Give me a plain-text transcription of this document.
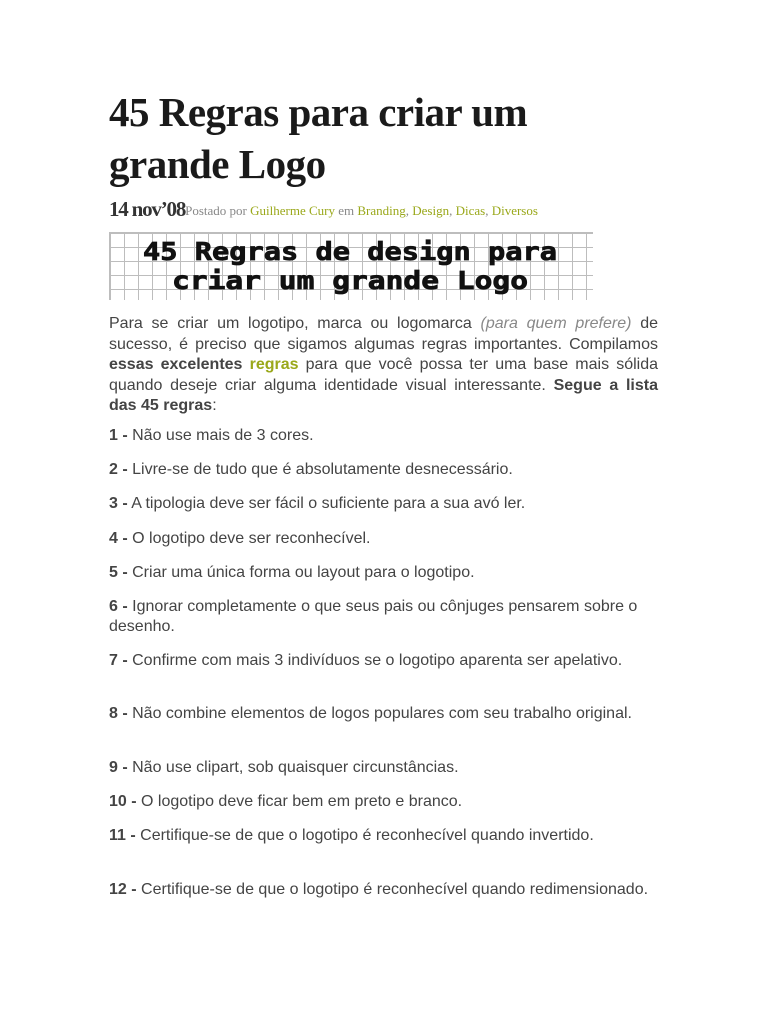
45 Regras para criar um
grande Logo
14 nov’08Postado por Guilherme Cury em Branding, Design, Dicas, Diversos
45 Regras de design para
criar um grande Logo

Para se criar um logotipo, marca ou logomarca (para quem prefere) de sucesso, é preciso que sigamos algumas regras importantes. Compilamos essas excelentes regras para que você possa ter uma base mais sólida quando deseje criar alguma identidade visual interessante. Segue a lista das 45 regras:

1 - Não use mais de 3 cores.

2 - Livre-se de tudo que é absolutamente desnecessário.

3 - A tipologia deve ser fácil o suficiente para a sua avó ler.

4 - O logotipo deve ser reconhecível.

5 - Criar uma única forma ou layout para o logotipo.

6 - Ignorar completamente o que seus pais ou cônjuges pensarem sobre o desenho.

7 - Confirme com mais 3 indivíduos se o logotipo aparenta ser apelativo.

8 - Não combine elementos de logos populares com seu trabalho original.

9 - Não use clipart, sob quaisquer circunstâncias.

10 - O logotipo deve ficar bem em preto e branco.

11 - Certifique-se de que o logotipo é reconhecível quando invertido.

12 - Certifique-se de que o logotipo é reconhecível quando redimensionado.
